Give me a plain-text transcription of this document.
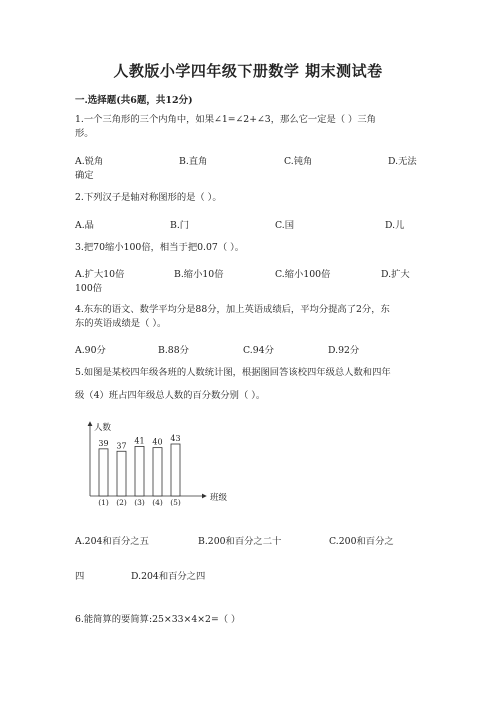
人教版小学四年级下册数学 期末测试卷
一.选择题(共6题，共12分)
1.一个三角形的三个内角中，如果∠1=∠2+∠3，那么它一定是（ ）三角
形。
A.锐角	B.直角	C.钝角	D.无法
确定
2.下列汉子是轴对称图形的是（ ）。
A.晶	B.门	C.国	D.儿
3.把70缩小100倍，相当于把0.07（ ）。
A.扩大10倍	B.缩小10倍	C.缩小100倍	D.扩大
100倍
4.东东的语文、数学平均分是88分，加上英语成绩后，平均分提高了2分，东
东的英语成绩是（ ）。
A.90分	B.88分	C.94分	D.92分
5.如图是某校四年级各班的人数统计图，根据图回答该校四年级总人数和四年
级（4）班占四年级总人数的百分数分别（ ）。
人数
班级
39
(1)
37
(2)
41
(3)
40
(4)
43
(5)
A.204和百分之五	B.200和百分之二十	C.200和百分之
四	D.204和百分之四
6.能简算的要简算:25×33×4×2=（ ）
